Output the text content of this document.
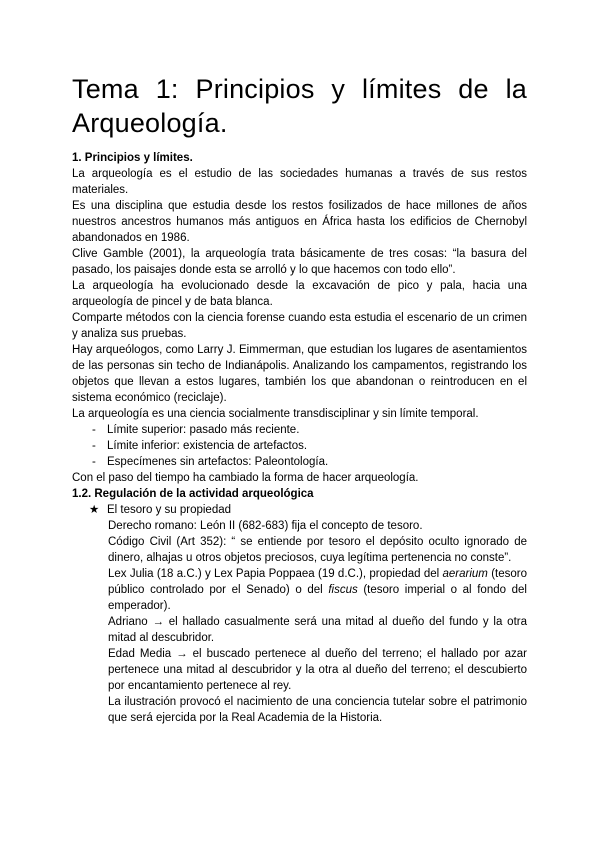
Tema 1: Principios y límites de la
Arqueología.
1. Principios y límites.

La arqueología es el estudio de las sociedades humanas a través de sus restos materiales.

Es una disciplina que estudia desde los restos fosilizados de hace millones de años nuestros ancestros humanos más antiguos en África hasta los edificios de Chernobyl abandonados en 1986.

Clive Gamble (2001), la arqueología trata básicamente de tres cosas: “la basura del pasado, los paisajes donde esta se arrolló y lo que hacemos con todo ello”.

La arqueología ha evolucionado desde la excavación de pico y pala, hacia una arqueología de pincel y de bata blanca.

Comparte métodos con la ciencia forense cuando esta estudia el escenario de un crimen y analiza sus pruebas.

Hay arqueólogos, como Larry J. Eimmerman, que estudian los lugares de asentamientos de las personas sin techo de Indianápolis. Analizando los campamentos, registrando los objetos que llevan a estos lugares, también los que abandonan o reintroducen en el sistema económico (reciclaje).

La arqueología es una ciencia socialmente transdisciplinar y sin límite temporal.

- Límite superior: pasado más reciente.
- Límite inferior: existencia de artefactos.
- Especímenes sin artefactos: Paleontología.

Con el paso del tiempo ha cambiado la forma de hacer arqueología.

1.2. Regulación de la actividad arqueológica
★ El tesoro y su propiedad

Derecho romano: León II (682-683) fija el concepto de tesoro.

Código Civil (Art 352): “ se entiende por tesoro el depósito oculto ignorado de dinero, alhajas u otros objetos preciosos, cuya legítima pertenencia no conste”.

Lex Julia (18 a.C.) y Lex Papia Poppaea (19 d.C.), propiedad del aerarium (tesoro público controlado por el Senado) o del fiscus (tesoro imperial o al fondo del emperador).

Adriano → el hallado casualmente será una mitad al dueño del fundo y la otra mitad al descubridor.

Edad Media → el buscado pertenece al dueño del terreno; el hallado por azar pertenece una mitad al descubridor y la otra al dueño del terreno; el descubierto por encantamiento pertenece al rey.

La ilustración provocó el nacimiento de una conciencia tutelar sobre el patrimonio que será ejercida por la Real Academia de la Historia.
